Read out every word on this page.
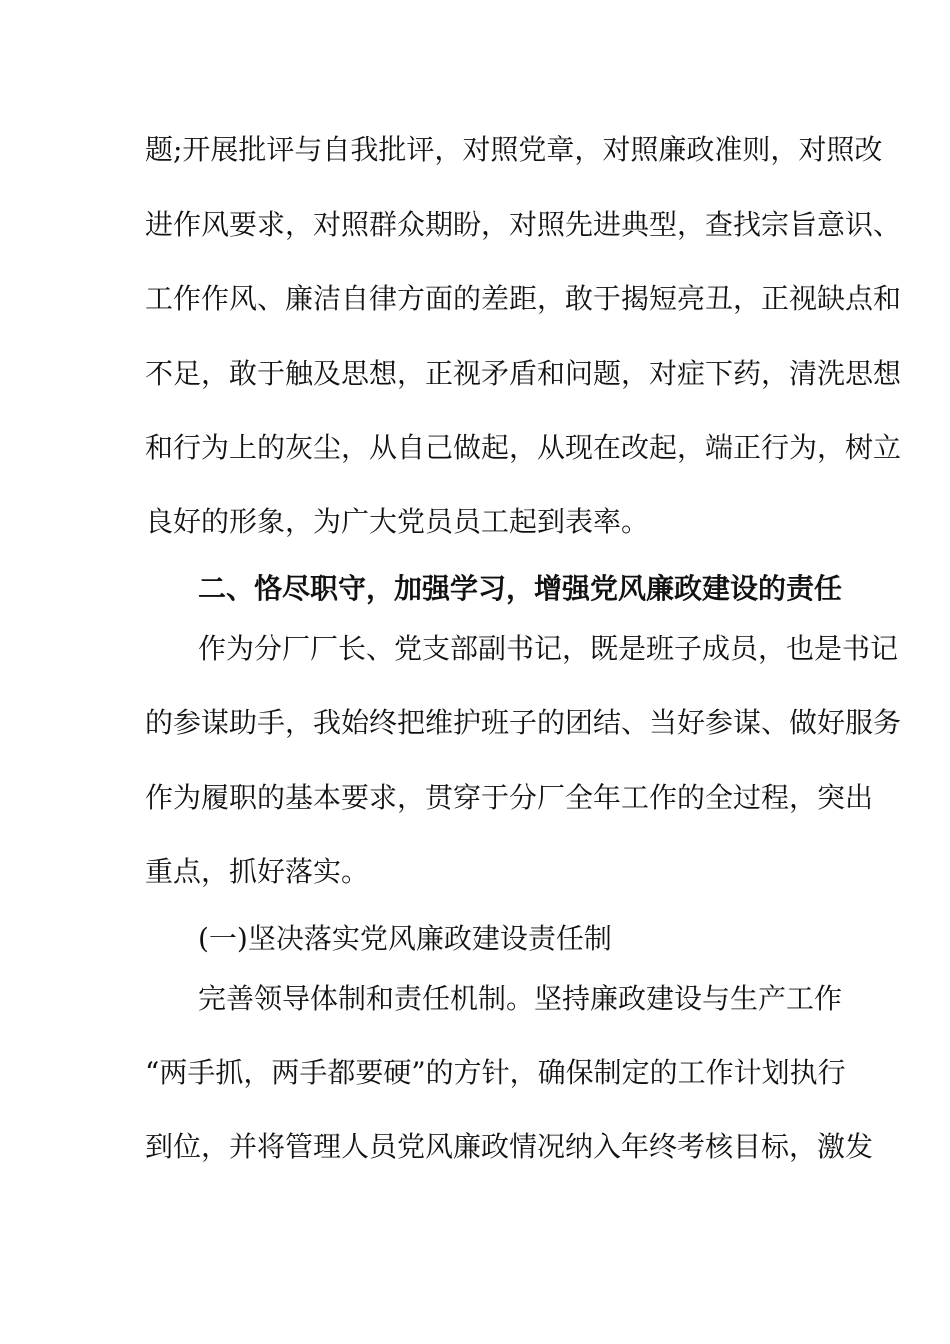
题;开展批评与自我批评，对照党章，对照廉政准则，对照改
进作风要求，对照群众期盼，对照先进典型，查找宗旨意识、
工作作风、廉洁自律方面的差距，敢于揭短亮丑，正视缺点和
不足，敢于触及思想，正视矛盾和问题，对症下药，清洗思想
和行为上的灰尘，从自己做起，从现在改起，端正行为，树立
良好的形象，为广大党员员工起到表率。
二、恪尽职守，加强学习，增强党风廉政建设的责任
作为分厂厂长、党支部副书记，既是班子成员，也是书记
的参谋助手，我始终把维护班子的团结、当好参谋、做好服务
作为履职的基本要求，贯穿于分厂全年工作的全过程，突出
重点，抓好落实。
(一)坚决落实党风廉政建设责任制
完善领导体制和责任机制。坚持廉政建设与生产工作
“两手抓，两手都要硬”的方针，确保制定的工作计划执行
到位，并将管理人员党风廉政情况纳入年终考核目标，激发
